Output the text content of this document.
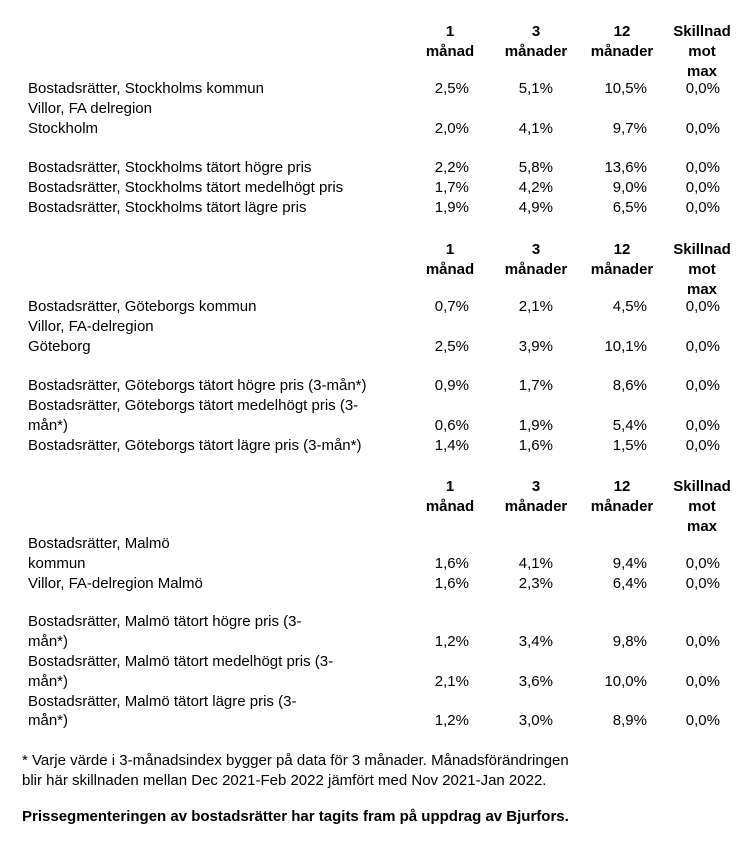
1
månad
3
månader
12
månader
Skillnad
mot
max
Bostadsrätter, Stockholms kommun	2,5%	5,1%	10,5%	0,0%
Villor, FA delregion
Stockholm	2,0%	4,1%	9,7%	0,0%
Bostadsrätter, Stockholms tätort högre pris	2,2%	5,8%	13,6%	0,0%
Bostadsrätter, Stockholms tätort medelhögt pris	1,7%	4,2%	9,0%	0,0%
Bostadsrätter, Stockholms tätort lägre pris	1,9%	4,9%	6,5%	0,0%
1
månad
3
månader
12
månader
Skillnad
mot
max
Bostadsrätter, Göteborgs kommun	0,7%	2,1%	4,5%	0,0%
Villor, FA-delregion
Göteborg	2,5%	3,9%	10,1%	0,0%
Bostadsrätter, Göteborgs tätort högre pris (3-mån*)	0,9%	1,7%	8,6%	0,0%
Bostadsrätter, Göteborgs tätort medelhögt pris (3-
mån*)	0,6%	1,9%	5,4%	0,0%
Bostadsrätter, Göteborgs tätort lägre pris (3-mån*)	1,4%	1,6%	1,5%	0,0%
1
månad
3
månader
12
månader
Skillnad
mot
max
Bostadsrätter, Malmö
kommun	1,6%	4,1%	9,4%	0,0%
Villor, FA-delregion Malmö	1,6%	2,3%	6,4%	0,0%
Bostadsrätter, Malmö tätort högre pris (3-
mån*)	1,2%	3,4%	9,8%	0,0%
Bostadsrätter, Malmö tätort medelhögt pris (3-
mån*)	2,1%	3,6%	10,0%	0,0%
Bostadsrätter, Malmö tätort lägre pris (3-
mån*)	1,2%	3,0%	8,9%	0,0%
* Varje värde i 3-månadsindex bygger på data för 3 månader. Månadsförändringen
blir här skillnaden mellan Dec 2021-Feb 2022 jämfört med Nov 2021-Jan 2022.
Prissegmenteringen av bostadsrätter har tagits fram på uppdrag av Bjurfors.
